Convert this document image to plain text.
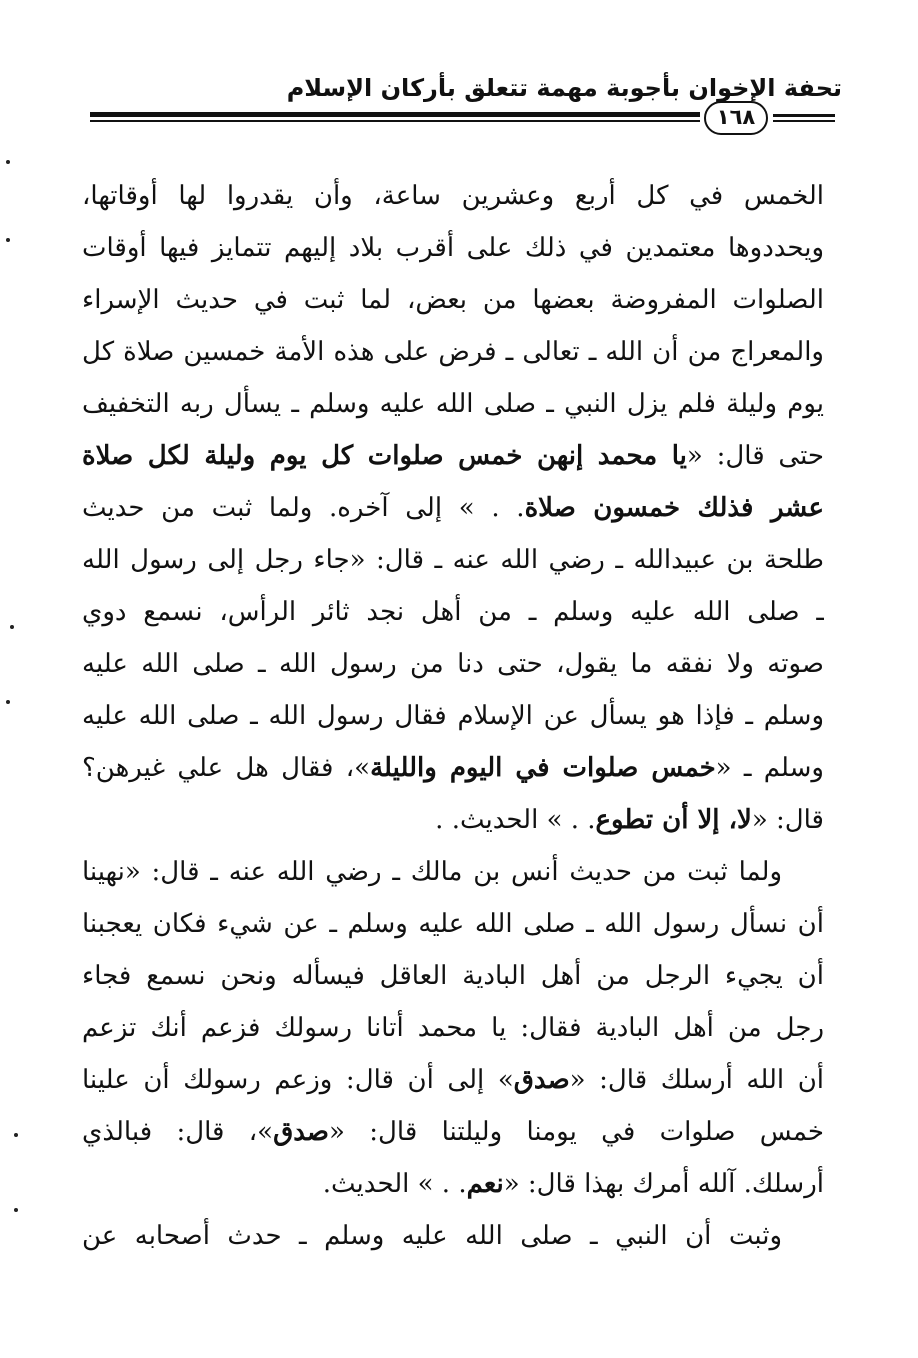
تحفة الإخوان بأجوبة مهمة تتعلق بأركان الإسلام
١٦٨
الخمس في كل أربع وعشرين ساعة، وأن يقدروا لها أوقاتها،
ويحددوها معتمدين في ذلك على أقرب بلاد إليهم تتمايز فيها أوقات
الصلوات المفروضة بعضها من بعض، لما ثبت في حديث الإسراء
والمعراج من أن الله ـ تعالى ـ فرض على هذه الأمة خمسين صلاة كل
يوم وليلة فلم يزل النبي ـ صلى الله عليه وسلم ـ يسأل ربه التخفيف
حتى قال: «يا محمد إنهن خمس صلوات كل يوم وليلة لكل صلاة
عشر فذلك خمسون صلاة. . » إلى آخره. ولما ثبت من حديث
طلحة بن عبيدالله ـ رضي الله عنه ـ قال: «جاء رجل إلى رسول الله
ـ صلى الله عليه وسلم ـ من أهل نجد ثائر الرأس، نسمع دوي
صوته ولا نفقه ما يقول، حتى دنا من رسول الله ـ صلى الله عليه
وسلم ـ فإذا هو يسأل عن الإسلام فقال رسول الله ـ صلى الله عليه
وسلم ـ «خمس صلوات في اليوم والليلة»، فقال هل علي غيرهن؟
قال: «لا، إلا أن تطوع. . » الحديث. .
ولما ثبت من حديث أنس بن مالك ـ رضي الله عنه ـ قال: «نهينا
أن نسأل رسول الله ـ صلى الله عليه وسلم ـ عن شيء فكان يعجبنا
أن يجيء الرجل من أهل البادية العاقل فيسأله ونحن نسمع فجاء
رجل من أهل البادية فقال: يا محمد أتانا رسولك فزعم أنك تزعم
أن الله أرسلك قال: «صدق» إلى أن قال: وزعم رسولك أن علينا
خمس صلوات في يومنا وليلتنا قال: «صدق»، قال: فبالذي
أرسلك. آلله أمرك بهذا قال: «نعم. . » الحديث.
وثبت أن النبي ـ صلى الله عليه وسلم ـ حدث أصحابه عن
